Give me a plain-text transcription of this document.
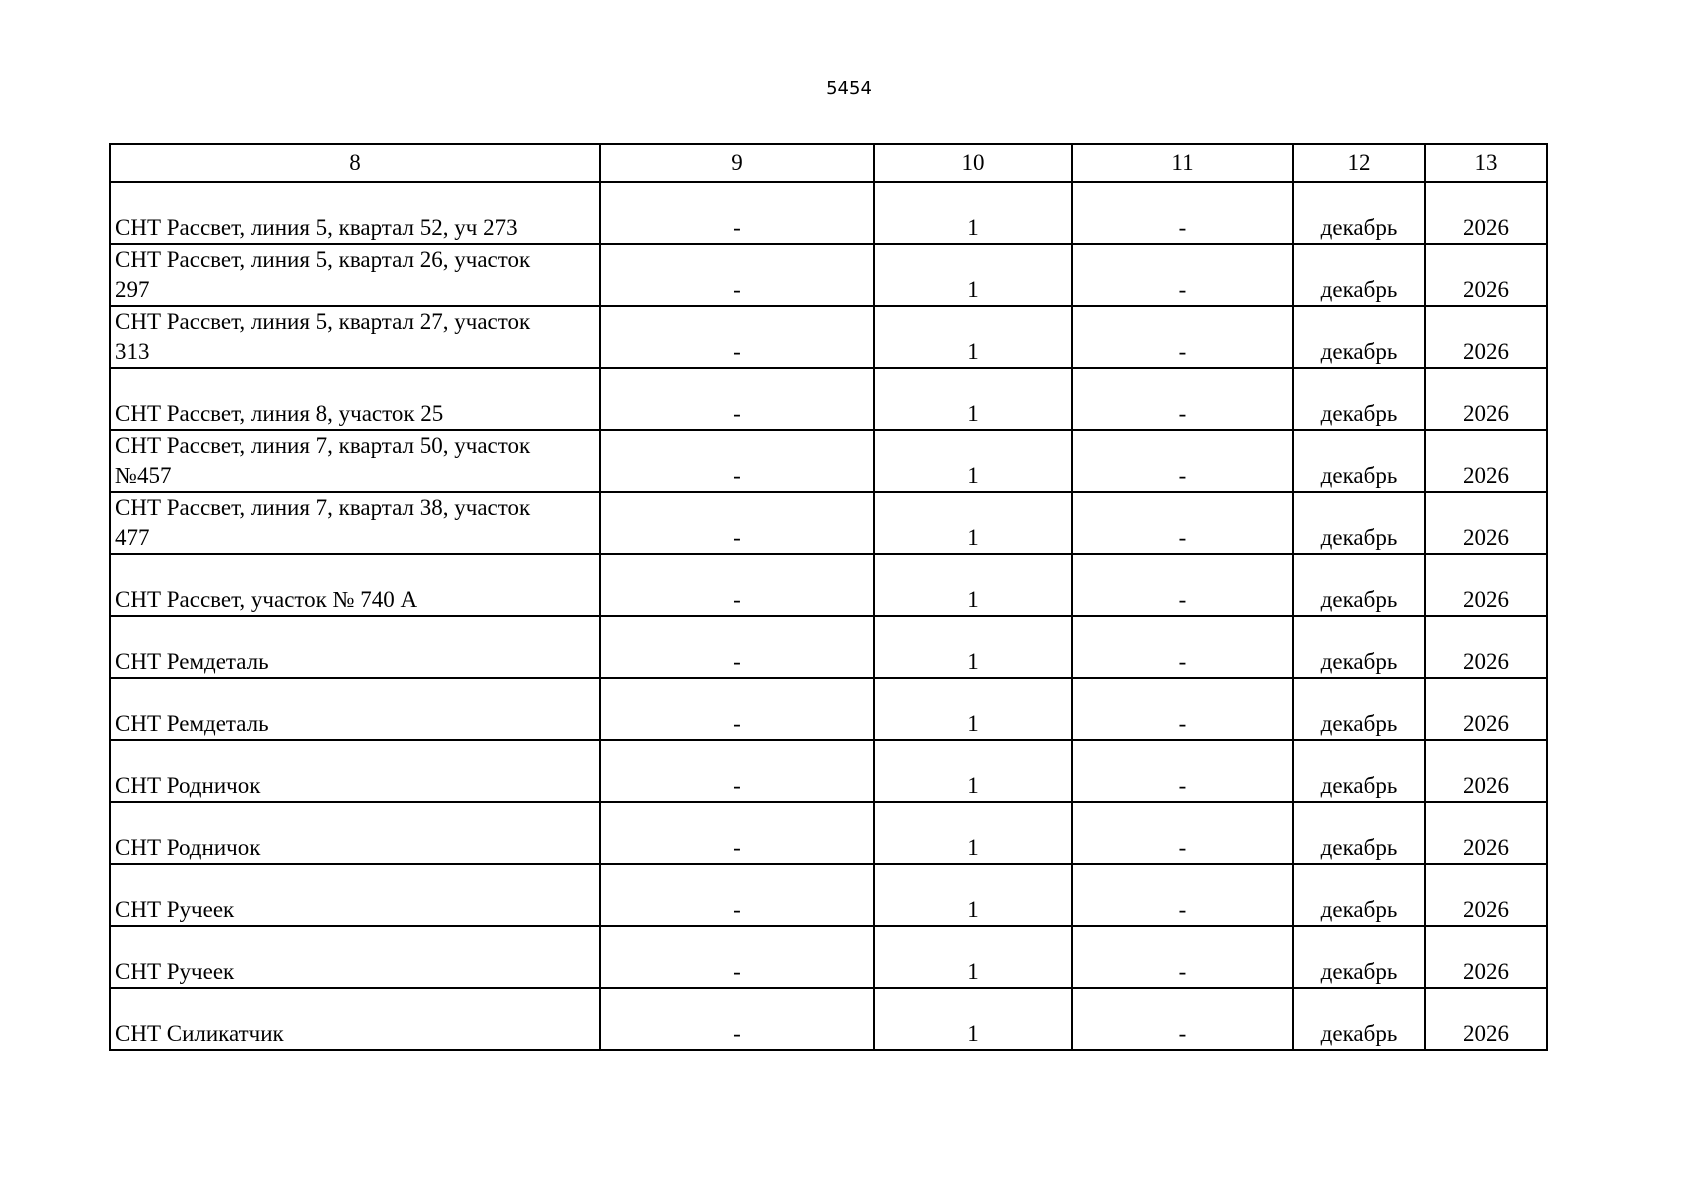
5454
8	9	10	11	12	13

СНТ Рассвет, линия 5, квартал 52, уч 273	-	1	-	декабрь	2026

СНТ Рассвет, линия 5, квартал 26, участок
297	-	1	-	декабрь	2026

СНТ Рассвет, линия 5, квартал 27, участок
313	-	1	-	декабрь	2026

СНТ Рассвет, линия 8, участок 25	-	1	-	декабрь	2026

СНТ Рассвет, линия 7, квартал 50, участок
№457	-	1	-	декабрь	2026

СНТ Рассвет, линия 7, квартал 38, участок
477	-	1	-	декабрь	2026

СНТ Рассвет, участок № 740 А	-	1	-	декабрь	2026

СНТ Ремдеталь	-	1	-	декабрь	2026

СНТ Ремдеталь	-	1	-	декабрь	2026

СНТ Родничок	-	1	-	декабрь	2026

СНТ Родничок	-	1	-	декабрь	2026

СНТ Ручеек	-	1	-	декабрь	2026

СНТ Ручеек	-	1	-	декабрь	2026

СНТ Силикатчик	-	1	-	декабрь	2026
